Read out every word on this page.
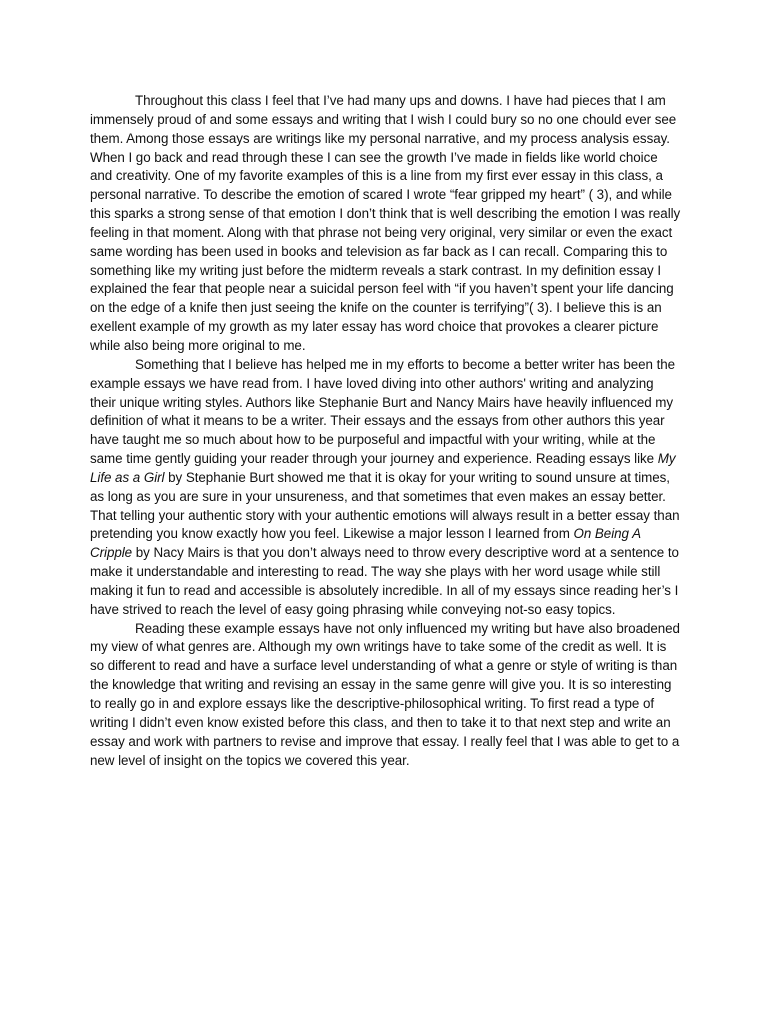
Throughout this class I feel that I’ve had many ups and downs. I have had pieces that I am immensely proud of and some essays and writing that I wish I could bury so no one chould ever see them. Among those essays are writings like my personal narrative, and my process analysis essay. When I go back and read through these I can see the growth I’ve made in fields like world choice and creativity. One of my favorite examples of this is a line from my first ever essay in this class, a personal narrative. To describe the emotion of scared I wrote “fear gripped my heart” ( 3), and while this sparks a strong sense of that emotion I don’t think that is well describing the emotion I was really feeling in that moment. Along with that phrase not being very original, very similar or even the exact same wording has been used in books and television as far back as I can recall. Comparing this to something like my writing just before the midterm reveals a stark contrast. In my definition essay I explained the fear that people near a suicidal person feel with “if you haven’t spent your life dancing on the edge of a knife then just seeing the knife on the counter is terrifying”( 3). I believe this is an exellent example of my growth as my later essay has word choice that provokes a clearer picture while also being more original to me.

Something that I believe has helped me in my efforts to become a better writer has been the example essays we have read from. I have loved diving into other authors' writing and analyzing their unique writing styles. Authors like Stephanie Burt and Nancy Mairs have heavily influenced my definition of what it means to be a writer. Their essays and the essays from other authors this year have taught me so much about how to be purposeful and impactful with your writing, while at the same time gently guiding your reader through your journey and experience. Reading essays like My Life as a Girl by Stephanie Burt showed me that it is okay for your writing to sound unsure at times, as long as you are sure in your unsureness, and that sometimes that even makes an essay better. That telling your authentic story with your authentic emotions will always result in a better essay than pretending you know exactly how you feel. Likewise a major lesson I learned from On Being A Cripple by Nacy Mairs is that you don’t always need to throw every descriptive word at a sentence to make it understandable and interesting to read. The way she plays with her word usage while still making it fun to read and accessible is absolutely incredible. In all of my essays since reading her’s I have strived to reach the level of easy going phrasing while conveying not-so easy topics.

Reading these example essays have not only influenced my writing but have also broadened my view of what genres are. Although my own writings have to take some of the credit as well. It is so different to read and have a surface level understanding of what a genre or style of writing is than the knowledge that writing and revising an essay in the same genre will give you. It is so interesting to really go in and explore essays like the descriptive-philosophical writing. To first read a type of writing I didn’t even know existed before this class, and then to take it to that next step and write an essay and work with partners to revise and improve that essay. I really feel that I was able to get to a new level of insight on the topics we covered this year.
